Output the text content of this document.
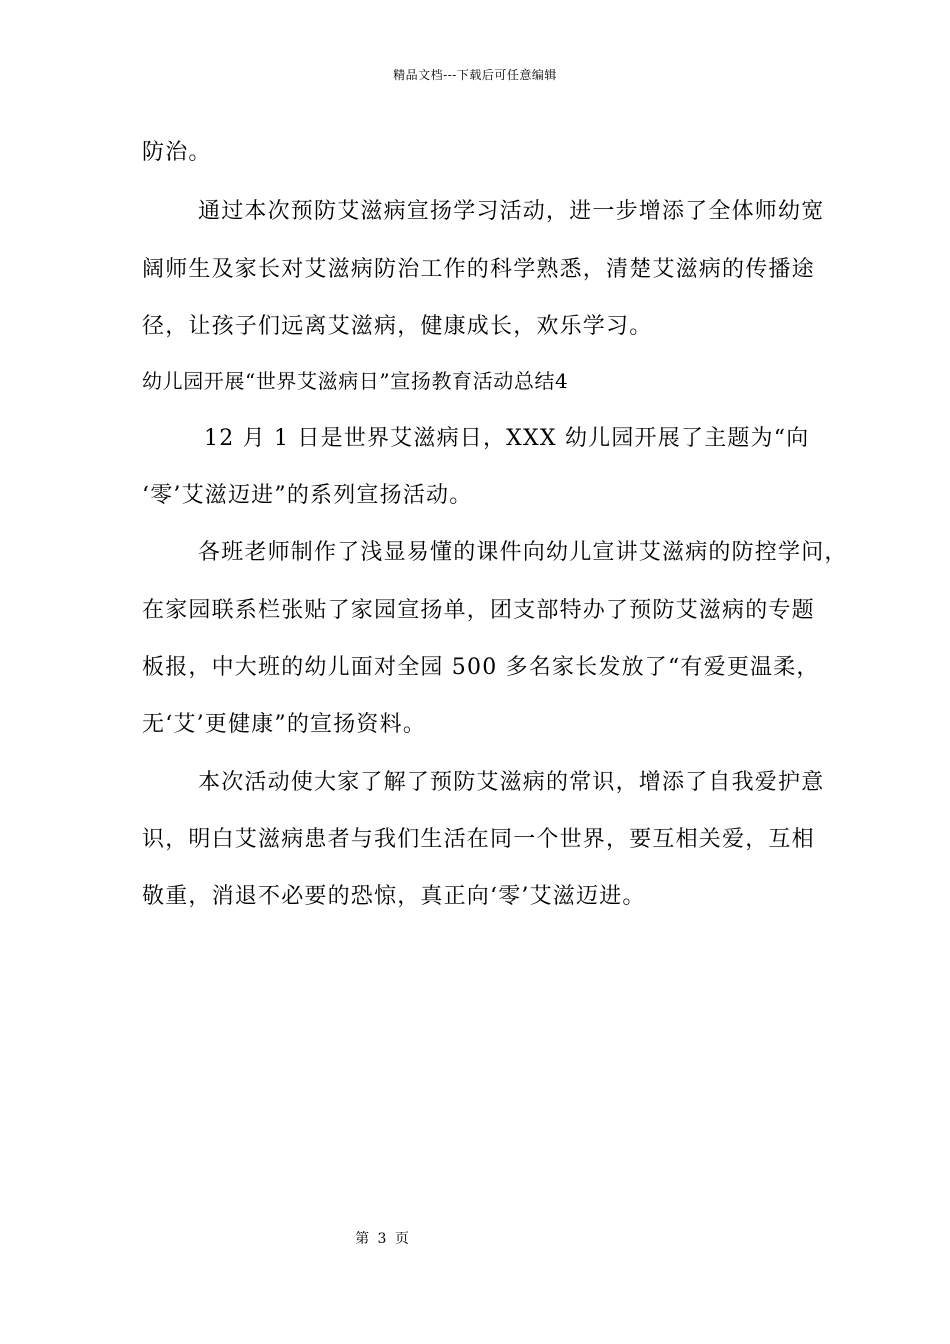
精品文档---下载后可任意编辑
防治。
通过本次预防艾滋病宣扬学习活动，进一步增添了全体师幼宽
阔师生及家长对艾滋病防治工作的科学熟悉，清楚艾滋病的传播途
径，让孩子们远离艾滋病，健康成长，欢乐学习。
幼儿园开展“世界艾滋病日”宣扬教育活动总结4
12 月 1 日是世界艾滋病日，XXX 幼儿园开展了主题为“向
‘零’艾滋迈进”的系列宣扬活动。
各班老师制作了浅显易懂的课件向幼儿宣讲艾滋病的防控学问，
在家园联系栏张贴了家园宣扬单，团支部特办了预防艾滋病的专题
板报，中大班的幼儿面对全园 500 多名家长发放了“有爱更温柔，
无‘艾’更健康”的宣扬资料。
本次活动使大家了解了预防艾滋病的常识，增添了自我爱护意
识，明白艾滋病患者与我们生活在同一个世界，要互相关爱，互相
敬重，消退不必要的恐惊，真正向‘零’艾滋迈进。
第 3 页
